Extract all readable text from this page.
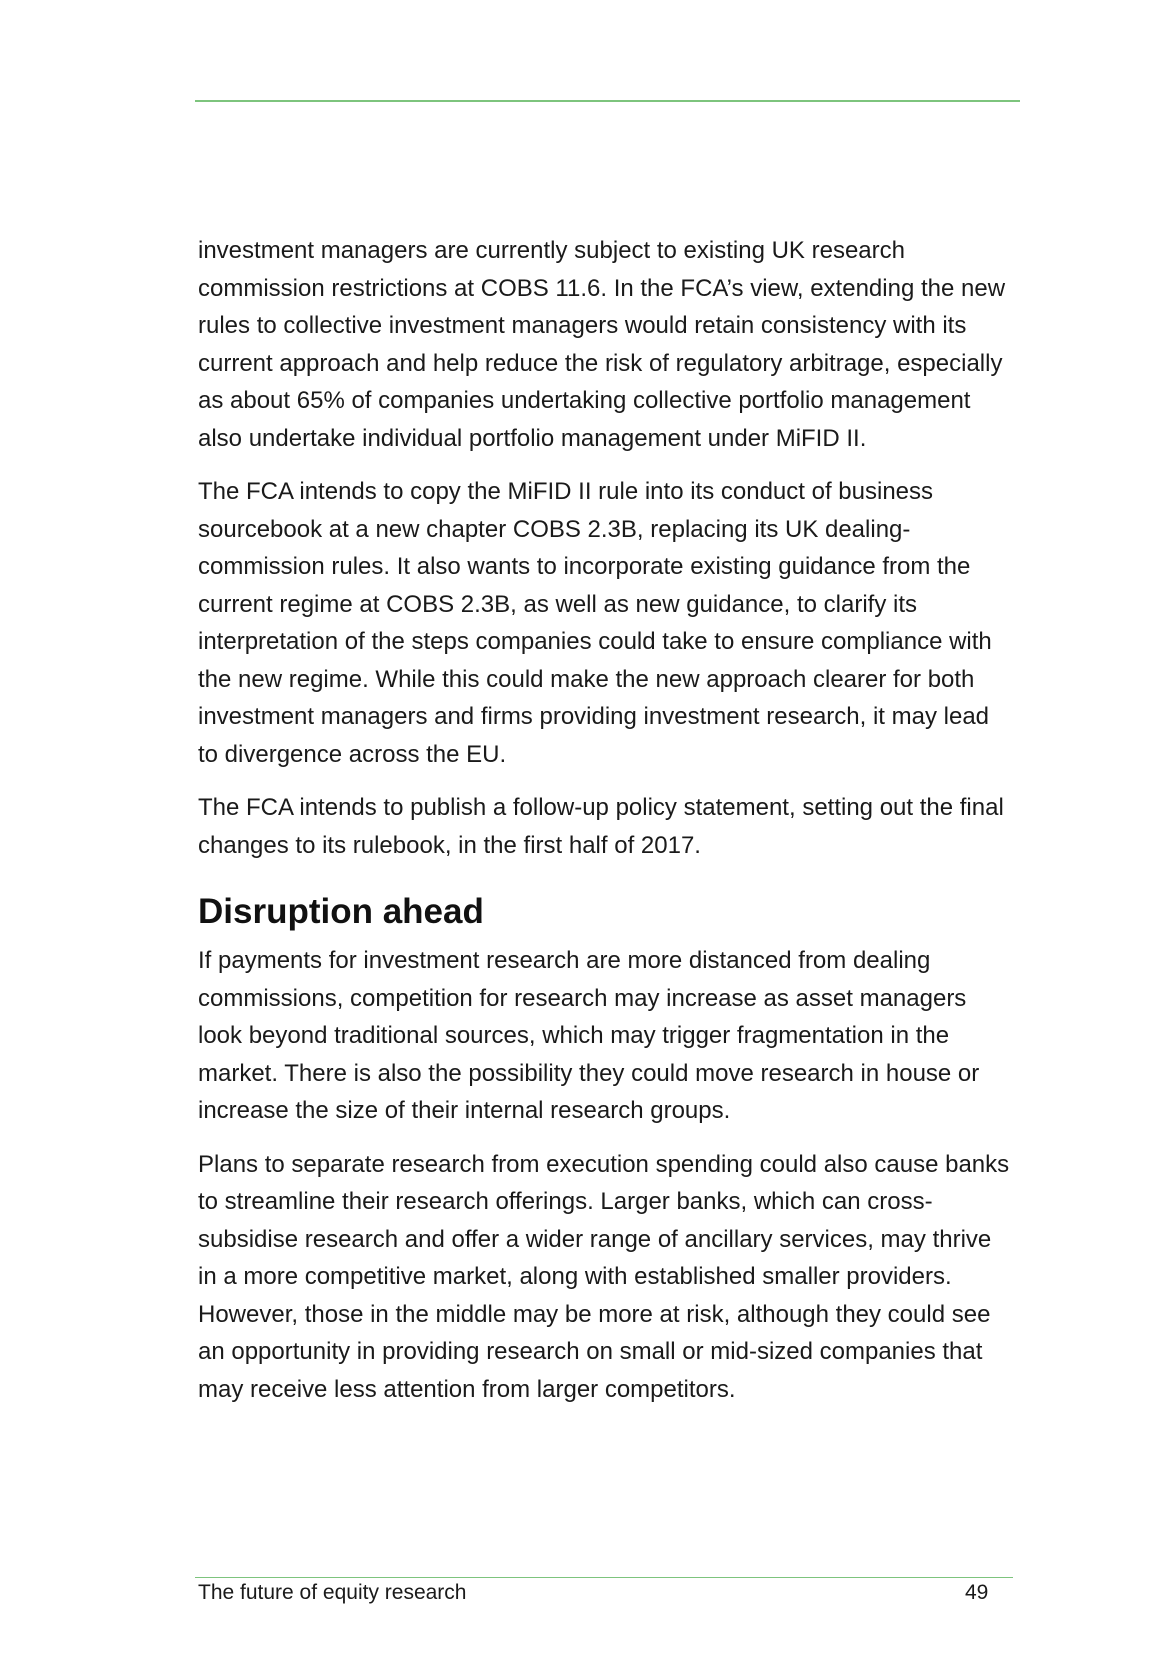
investment managers are currently subject to existing UK research commission restrictions at COBS 11.6. In the FCA’s view, extending the new rules to collective investment managers would retain consistency with its current approach and help reduce the risk of regulatory arbitrage, especially as about 65% of companies undertaking collective portfolio management also undertake individual portfolio management under MiFID II.

The FCA intends to copy the MiFID II rule into its conduct of business sourcebook at a new chapter COBS 2.3B, replacing its UK dealing-commission rules. It also wants to incorporate existing guidance from the current regime at COBS 2.3B, as well as new guidance, to clarify its interpretation of the steps companies could take to ensure compliance with the new regime. While this could make the new approach clearer for both investment managers and firms providing investment research, it may lead to divergence across the EU.

The FCA intends to publish a follow-up policy statement, setting out the final changes to its rulebook, in the first half of 2017.

Disruption ahead

If payments for investment research are more distanced from dealing commissions, competition for research may increase as asset managers look beyond traditional sources, which may trigger fragmentation in the market. There is also the possibility they could move research in house or increase the size of their internal research groups.

Plans to separate research from execution spending could also cause banks to streamline their research offerings. Larger banks, which can cross-subsidise research and offer a wider range of ancillary services, may thrive in a more competitive market, along with established smaller providers. However, those in the middle may be more at risk, although they could see an opportunity in providing research on small or mid-sized companies that may receive less attention from larger competitors.

The future of equity research	49
